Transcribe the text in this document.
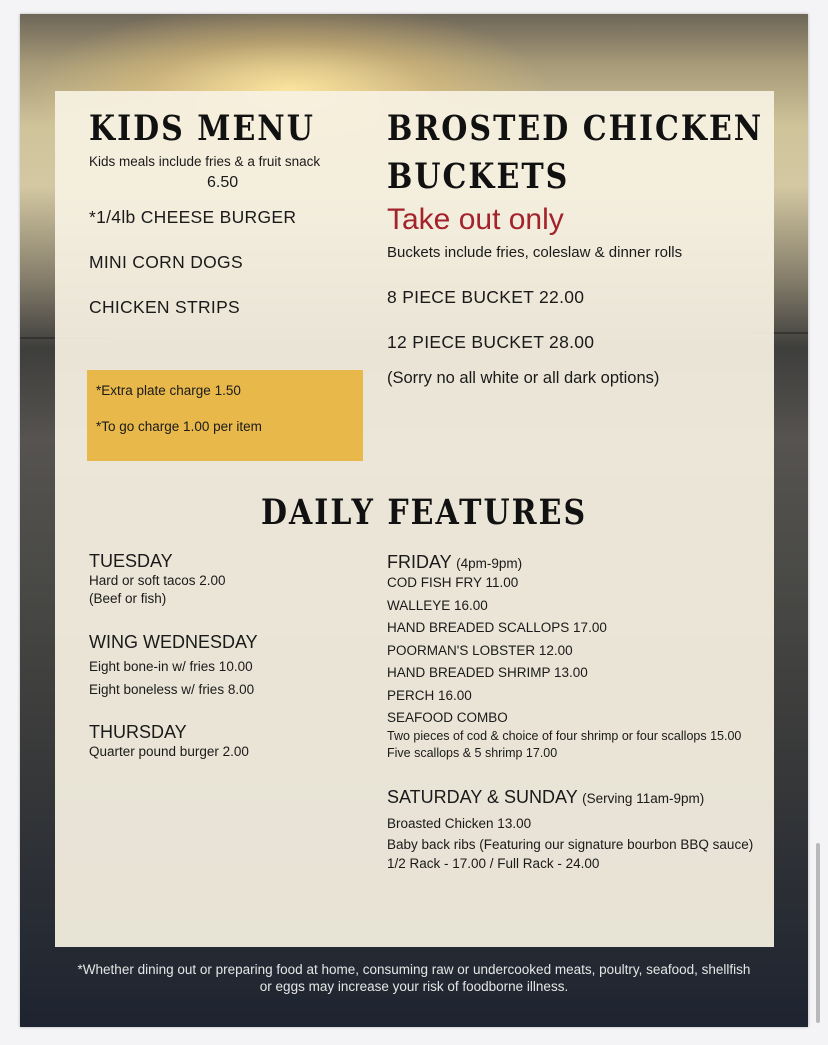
KIDS MENU
Kids meals include fries & a fruit snack
6.50
*1/4lb CHEESE BURGER
MINI CORN DOGS
CHICKEN STRIPS
*Extra plate charge 1.50
*To go charge 1.00 per item
BROSTED CHICKEN
BUCKETS
Take out only
Buckets include fries, coleslaw & dinner rolls
8 PIECE BUCKET 22.00
12 PIECE BUCKET 28.00
(Sorry no all white or all dark options)
DAILY FEATURES
TUESDAY
Hard or soft tacos 2.00
(Beef or fish)
WING WEDNESDAY
Eight bone-in w/ fries 10.00
Eight boneless w/ fries 8.00
THURSDAY
Quarter pound burger 2.00
FRIDAY (4pm-9pm)
COD FISH FRY 11.00
WALLEYE 16.00
HAND BREADED SCALLOPS 17.00
POORMAN'S LOBSTER 12.00
HAND BREADED SHRIMP 13.00
PERCH 16.00
SEAFOOD COMBO
Two pieces of cod & choice of four shrimp or four scallops 15.00
Five scallops & 5 shrimp 17.00
SATURDAY & SUNDAY (Serving 11am-9pm)
Broasted Chicken 13.00
Baby back ribs (Featuring our signature bourbon BBQ sauce)
1/2 Rack - 17.00 / Full Rack - 24.00
*Whether dining out or preparing food at home, consuming raw or undercooked meats, poultry, seafood, shellfish
or eggs may increase your risk of foodborne illness.
